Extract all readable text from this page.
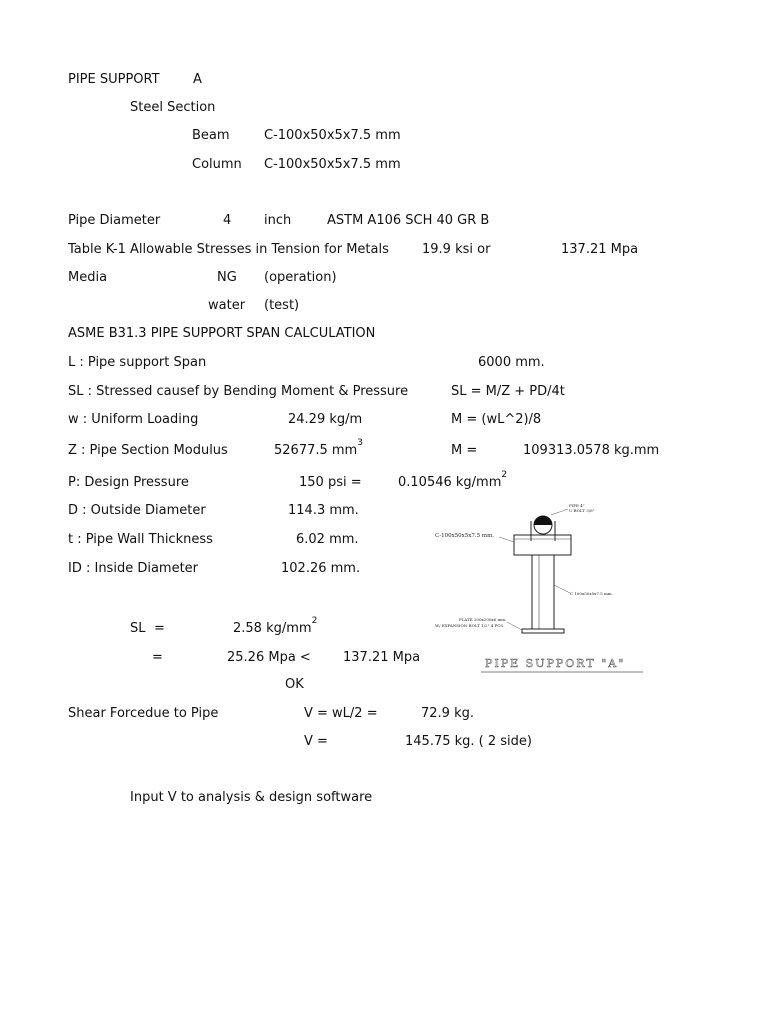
PIPE SUPPORT	A
Steel Section
Beam	C-100x50x5x7.5 mm
Column C-100x50x5x7.5 mm
Pipe Diameter	4	inch	ASTM A106 SCH 40 GR B
Table K-1 Allowable Stresses in Tension for Metals	19.9 ksi or	137.21 Mpa
Media	NG (operation)
water (test)
ASME B31.3 PIPE SUPPORT SPAN CALCULATION
L : Pipe support Span	6000 mm.
SL : Stressed causef by Bending Moment & Pressure	SL = M/Z + PD/4t
w : Uniform Loading	24.29 kg/m	M = (wL^2)/8
Z : Pipe Section Modulus	52677.5 $mm^3$	M =	109313.0578 kg.mm
P: Design Pressure	150 psi =	0.10546 $kg/mm^2$
D : Outside Diameter	114.3 mm.
t : Pipe Wall Thickness	6.02 mm.
ID : Inside Diameter	102.26 mm.
SL =	2.58 $kg/mm^2$
=	25.26 Mpa < 137.21 Mpa
OK
Shear Forcedue to Pipe	V = wL/2 =	72.9 kg.
V =	145.75 kg. ( 2 side)
Input V to analysis & design software
C-100x50x5x7.5 mm.
PIPE 4"
U BOLT 3/8"
C 100x50x5x7.5 mm.
PLATE 200x200x6 mm.
W/ EXPANSION BOLT 1/2" 4 PCS.
PIPE SUPPORT "A"
